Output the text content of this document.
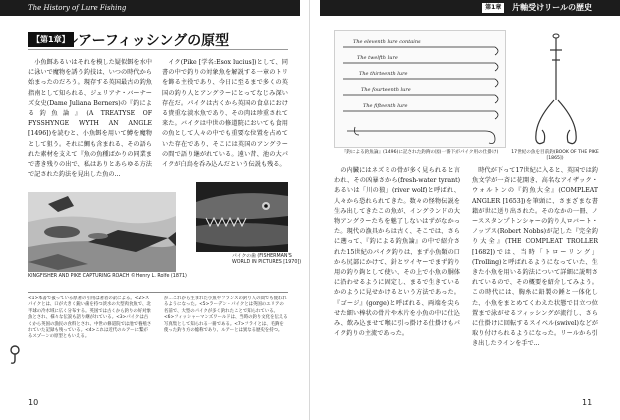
The History of Lure Fishing
【第1章】
ルアーフィッシングの原型

小魚餌あるいはそれを模した疑似餌を水中に泳いで魔物を誘う釣技は、いつの時代から始まったのだろう。現存する英国最古の釣魚指南として知られる、ジュリアナ・バーナーズ女史(Dame Juliana Berners)の『釣による釣魚論』(A TREATYSE OF FYSSHYNGE WYTH AN ANGLE [1496])を読むと、小魚餌を用いて鱒を魔物として狙う。それに鯛も含まれる、その語られた素材を支えて『魚の魚種ばかりの同業まで書き残りの出で、私はありとあらゆる方法で記された釣法を見出した魚の...

イク(Pike [学名:Esox lucius])として、同書の中で釣りの対象魚を解説する一章のトリを飾る主役であり、今日に至るまで多くの英国の釣り人とアングラーにとってなじみ深い存在だ。パイクは古くから英国の食卓における貴重な淡水魚であり、その肉は珍重されて来た。バイクは中世の修道院においても食用の魚として人々の中でも重要な位置を占めていた存在であり、そこには英国のアングラーの間で語り継がれている。遠い昔、池の大パイクが白鳥を呑み込んだという伝説も残る。

KINGFISHER AND PIKE CAPTURING ROACH ©Henry L. Rolfe (1871)
パイクの歯 (FISHERMAN'S WORLD IN PICTURES [1970])
<1>本書で扱っている原著の引用は著者の訳による。<2>スパイクとは、口が大きく鋭い歯を持つ淡水の大型肉食魚で、北半球の冷水域に広く分布する。英国では古くから釣りの好対象魚とされ、様々な伝説も語り継がれている。<3>パイクは古くから英国の漁民の食料とされ、中世の修道院では池で養殖されていた記録も残っている。<4>これは近代のルアーに繋がるスプーンの原型ともいえる。
が…これから生まれた小魚やフランスの釣り人の間でも使われるようになった。<5>ラーデン・パイクとは英国のエリアの名前で、大型のパイクが多く釣れたことで知られている。<6>フィッシャーマンズワールドは、当時の釣り文化を伝える写真集として知られる一冊である。<7>フライとは、毛鉤を使った釣り方の総称であり、ルアーとは異なる歴史を持つ。
10
第1章 片軸受けリールの歴史
The eleventh lure contains
The twelfth lure
The thirteenth lure
The fourteenth lure
The fifteenth lure
『釣による釣魚論』(1496)に記された釣鉤の図(一番下がパイク用の仕掛け)	17世紀の魚を目前釣(BOOK OF THE PIKE [1865])

の内臓にはネズミの骨が多く見られると言われ、その凶暴さから(fresh-water tyrant)あるいは「川の狼」(river wolf)と呼ばれ、人々から恐れられてきた。数々の怪物伝説を生み出してきたこの魚が、イングランドの大物アングラーたちを魅了しないはずがなかった。現代の漁具からは古く、そこでは、さらに遡って、『釣による釣魚論』の中で紹介された15世紀のパイク釣りは、まず小魚類の口から尻部にかけて、針とワイヤーでまず釣り用の釣り鉤として使い、その上で小魚の胴体に沿わせるように固定し、まるで生きているかのように見せかけるという方法であった。『ゴージ』(gorge)と呼ばれる、両端を尖らせた細い棒状の骨片や木片を小魚の中に仕込み、飲み込ませて喉に引っ掛ける仕掛けもパイク釣りの主流であった。

時代が下って17世紀に入ると、英国では釣魚文学が一斉に花開き、高名なアイザック・ウォルトンの『釣魚大全』(COMPLEAT ANGLER [1653])を筆頭に、さまざまな書籍が世に送り出された。そのなかの一冊、ノーススタンプトンシャーの釣り人ロバート・ノッブス(Robert Nobbs)が記した『完全釣り大全』(THE COMPLEAT TROLLER [1682])では、当時「トローリング」(Trolling)と呼ばれるようになっていた、生きた小魚を用いる釣法について詳細に説明されているので、その概要を紹介してみよう。この時代には、胸糸に鉛製の錘と一体化した、小魚をまとめてくわえた状態で目立つ位置まで泳がせるフィッシングが流行し、さらに仕掛けに回転するスイベル(swivel)などが取り付けられるようになった。リールから引き出したラインを手で...

11
